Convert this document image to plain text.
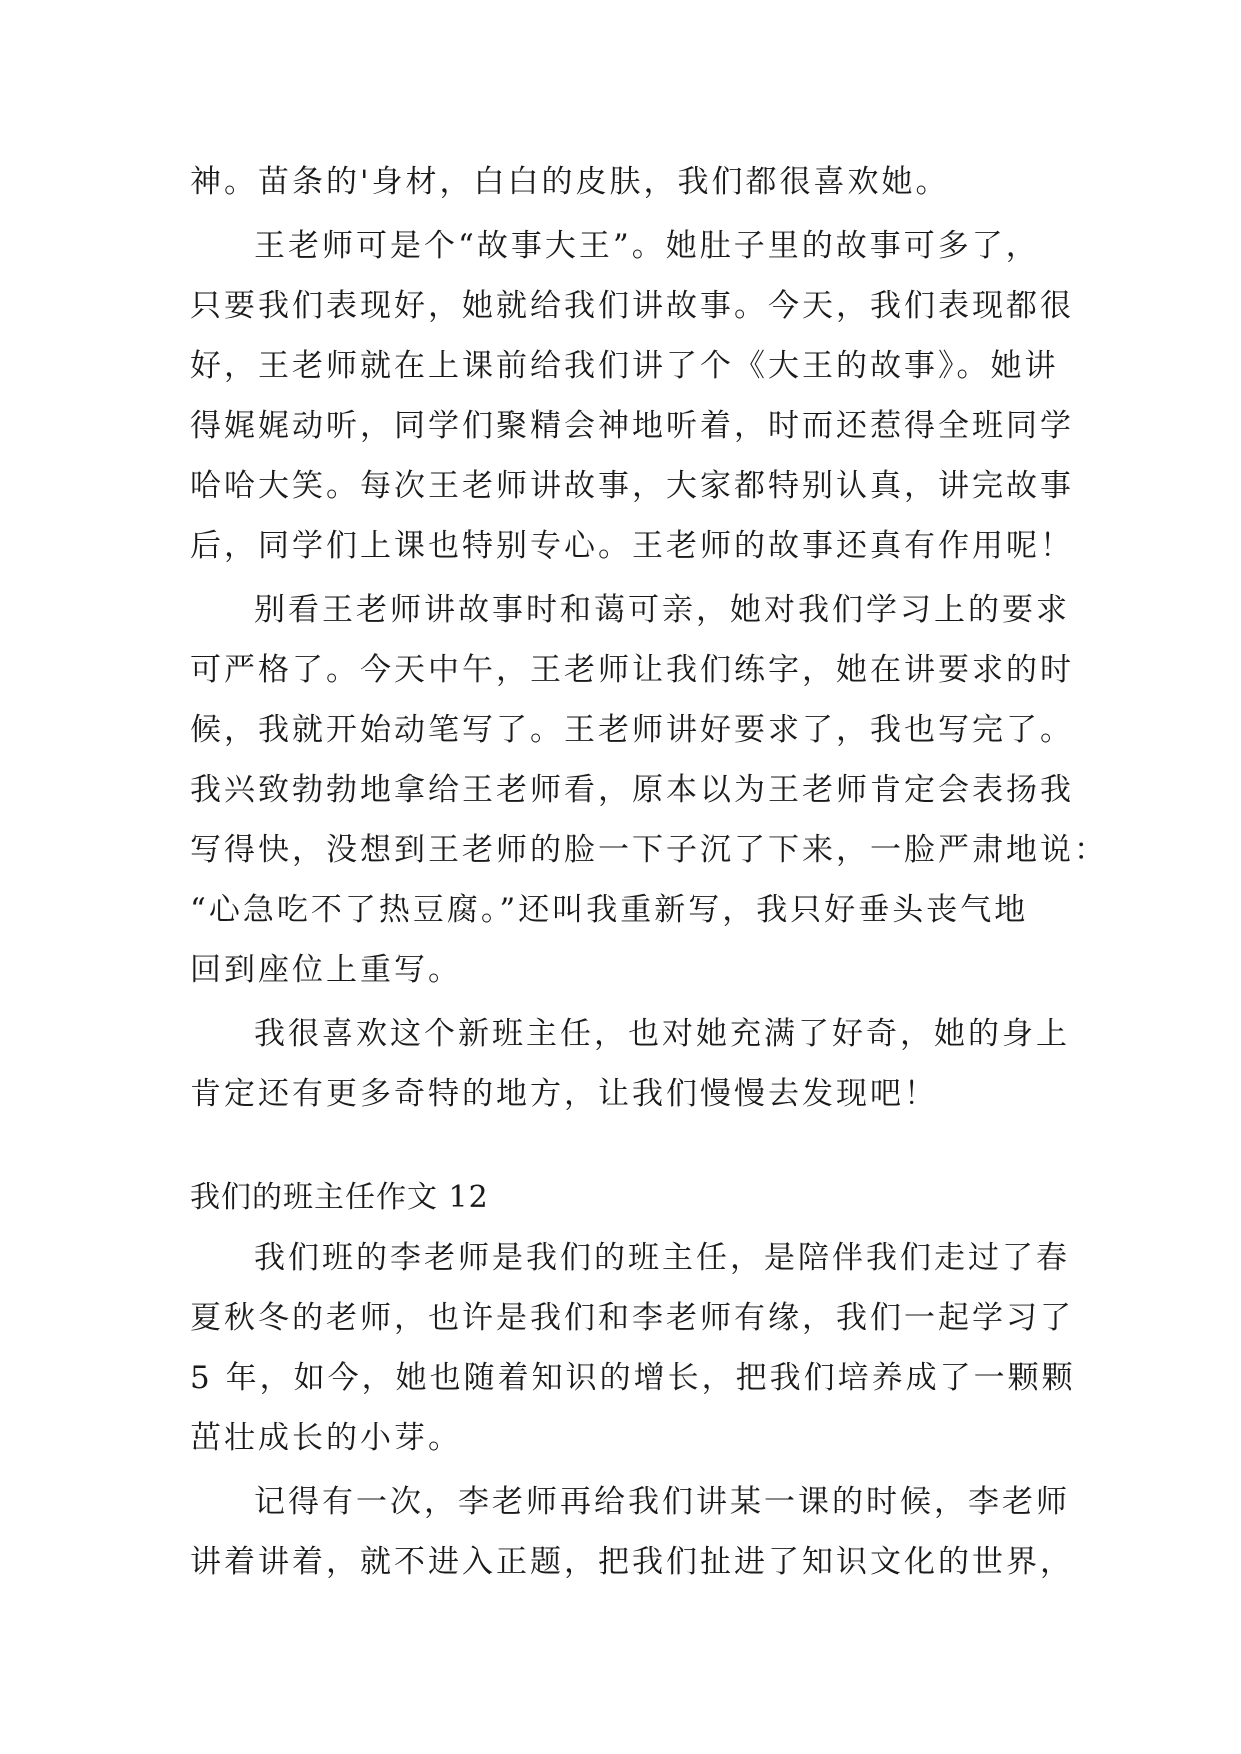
神。苗条的'身材，白白的皮肤，我们都很喜欢她。
王老师可是个“故事大王”。她肚子里的故事可多了，
只要我们表现好，她就给我们讲故事。今天，我们表现都很
好，王老师就在上课前给我们讲了个《大王的故事》。她讲
得娓娓动听，同学们聚精会神地听着，时而还惹得全班同学
哈哈大笑。每次王老师讲故事，大家都特别认真，讲完故事
后，同学们上课也特别专心。王老师的故事还真有作用呢！
别看王老师讲故事时和蔼可亲，她对我们学习上的要求
可严格了。今天中午，王老师让我们练字，她在讲要求的时
候，我就开始动笔写了。王老师讲好要求了，我也写完了。
我兴致勃勃地拿给王老师看，原本以为王老师肯定会表扬我
写得快，没想到王老师的脸一下子沉了下来，一脸严肃地说：
“心急吃不了热豆腐。”还叫我重新写，我只好垂头丧气地
回到座位上重写。
我很喜欢这个新班主任，也对她充满了好奇，她的身上
肯定还有更多奇特的地方，让我们慢慢去发现吧！
我们的班主任作文 12
我们班的李老师是我们的班主任，是陪伴我们走过了春
夏秋冬的老师，也许是我们和李老师有缘，我们一起学习了
5 年，如今，她也随着知识的增长，把我们培养成了一颗颗
茁壮成长的小芽。
记得有一次，李老师再给我们讲某一课的时候，李老师
讲着讲着，就不进入正题，把我们扯进了知识文化的世界，
